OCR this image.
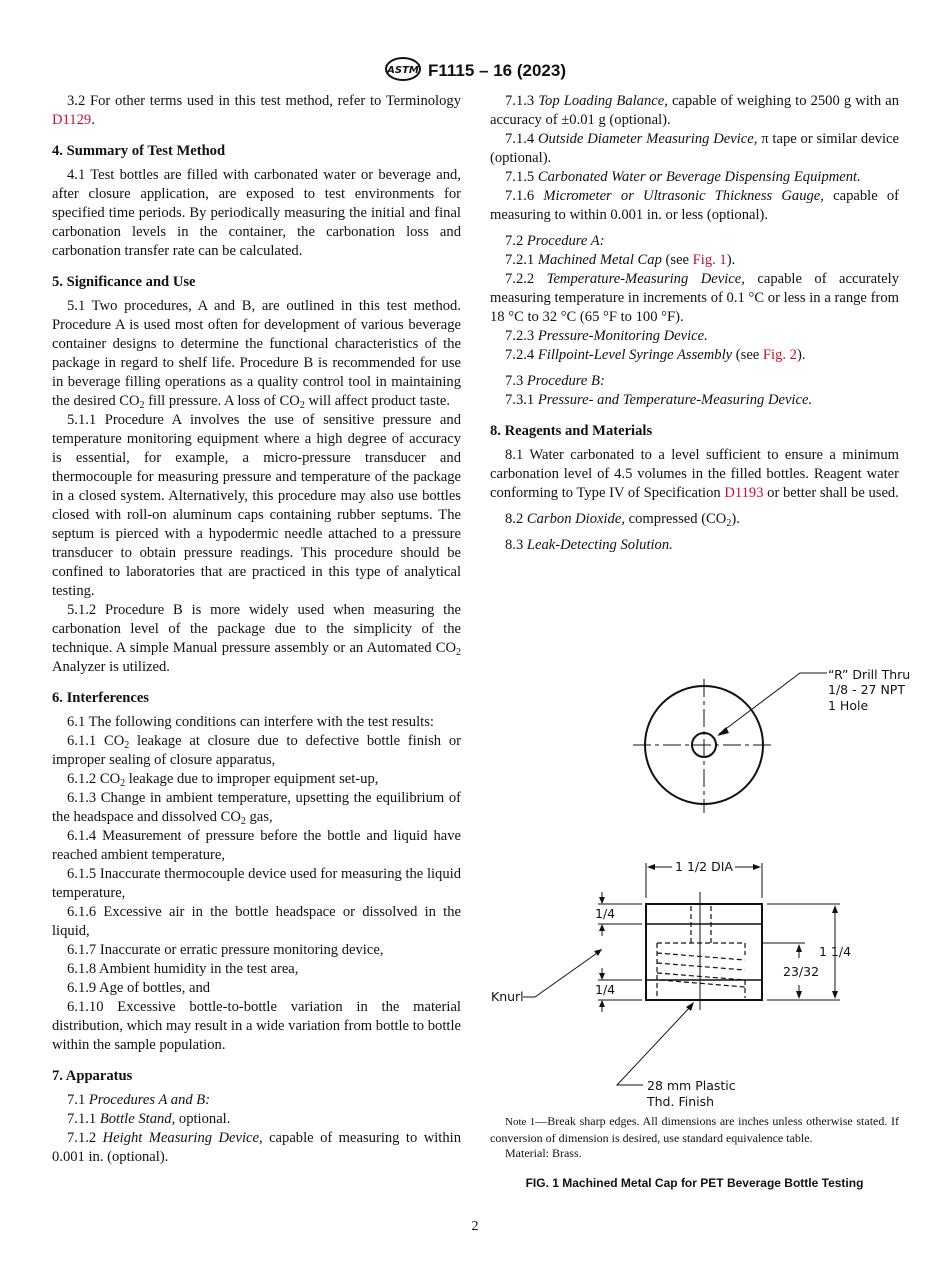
ASTM F1115 – 16 (2023)
3.2 For other terms used in this test method, refer to Terminology D1129.
4. Summary of Test Method
4.1 Test bottles are filled with carbonated water or beverage and, after closure application, are exposed to test environments for specified time periods. By periodically measuring the initial and final carbonation levels in the container, the carbonation loss and carbonation transfer rate can be calculated.
5. Significance and Use
5.1 Two procedures, A and B, are outlined in this test method. Procedure A is used most often for development of various beverage container designs to determine the functional characteristics of the package in regard to shelf life. Procedure B is recommended for use in beverage filling operations as a quality control tool in maintaining the desired $CO_2$ fill pressure. A loss of $CO_2$ will affect product taste.
5.1.1 Procedure A involves the use of sensitive pressure and temperature monitoring equipment where a high degree of accuracy is essential, for example, a micro-pressure transducer and thermocouple for measuring pressure and temperature of the package in a closed system. Alternatively, this procedure may also use bottles closed with roll-on aluminum caps containing rubber septums. The septum is pierced with a hypodermic needle attached to a pressure transducer to obtain pressure readings. This procedure should be confined to laboratories that are practiced in this type of analytical testing.
5.1.2 Procedure B is more widely used when measuring the carbonation level of the package due to the simplicity of the technique. A simple Manual pressure assembly or an Automated $CO_2$ Analyzer is utilized.
6. Interferences
6.1 The following conditions can interfere with the test results:
6.1.1 $CO_2$ leakage at closure due to defective bottle finish or improper sealing of closure apparatus,
6.1.2 $CO_2$ leakage due to improper equipment set-up,
6.1.3 Change in ambient temperature, upsetting the equilibrium of the headspace and dissolved $CO_2$ gas,
6.1.4 Measurement of pressure before the bottle and liquid have reached ambient temperature,
6.1.5 Inaccurate thermocouple device used for measuring the liquid temperature,
6.1.6 Excessive air in the bottle headspace or dissolved in the liquid,
6.1.7 Inaccurate or erratic pressure monitoring device,
6.1.8 Ambient humidity in the test area,
6.1.9 Age of bottles, and
6.1.10 Excessive bottle-to-bottle variation in the material distribution, which may result in a wide variation from bottle to bottle within the sample population.
7. Apparatus
7.1 Procedures A and B:
7.1.1 Bottle Stand, optional.
7.1.2 Height Measuring Device, capable of measuring to within 0.001 in. (optional).
7.1.3 Top Loading Balance, capable of weighing to 2500 g with an accuracy of ±0.01 g (optional).
7.1.4 Outside Diameter Measuring Device, π tape or similar device (optional).
7.1.5 Carbonated Water or Beverage Dispensing Equipment.
7.1.6 Micrometer or Ultrasonic Thickness Gauge, capable of measuring to within 0.001 in. or less (optional).
7.2 Procedure A:
7.2.1 Machined Metal Cap (see Fig. 1).
7.2.2 Temperature-Measuring Device, capable of accurately measuring temperature in increments of 0.1 °C or less in a range from 18 °C to 32 °C (65 °F to 100 °F).
7.2.3 Pressure-Monitoring Device.
7.2.4 Fillpoint-Level Syringe Assembly (see Fig. 2).
7.3 Procedure B:
7.3.1 Pressure- and Temperature-Measuring Device.
8. Reagents and Materials
8.1 Water carbonated to a level sufficient to ensure a minimum carbonation level of 4.5 volumes in the filled bottles. Reagent water conforming to Type IV of Specification D1193 or better shall be used.
8.2 Carbon Dioxide, compressed $(CO_2)$.
8.3 Leak-Detecting Solution.
“R” Drill Thru
1/8 - 27 NPT
1 Hole
1 1/2 DIA
1/4
1/4
1 1/4
23/32
Knurl
28 mm Plastic
Thd. Finish

Note 1—Break sharp edges. All dimensions are inches unless otherwise stated. If conversion of dimension is desired, use standard equivalence table.

Material: Brass.

FIG. 1 Machined Metal Cap for PET Beverage Bottle Testing
2
